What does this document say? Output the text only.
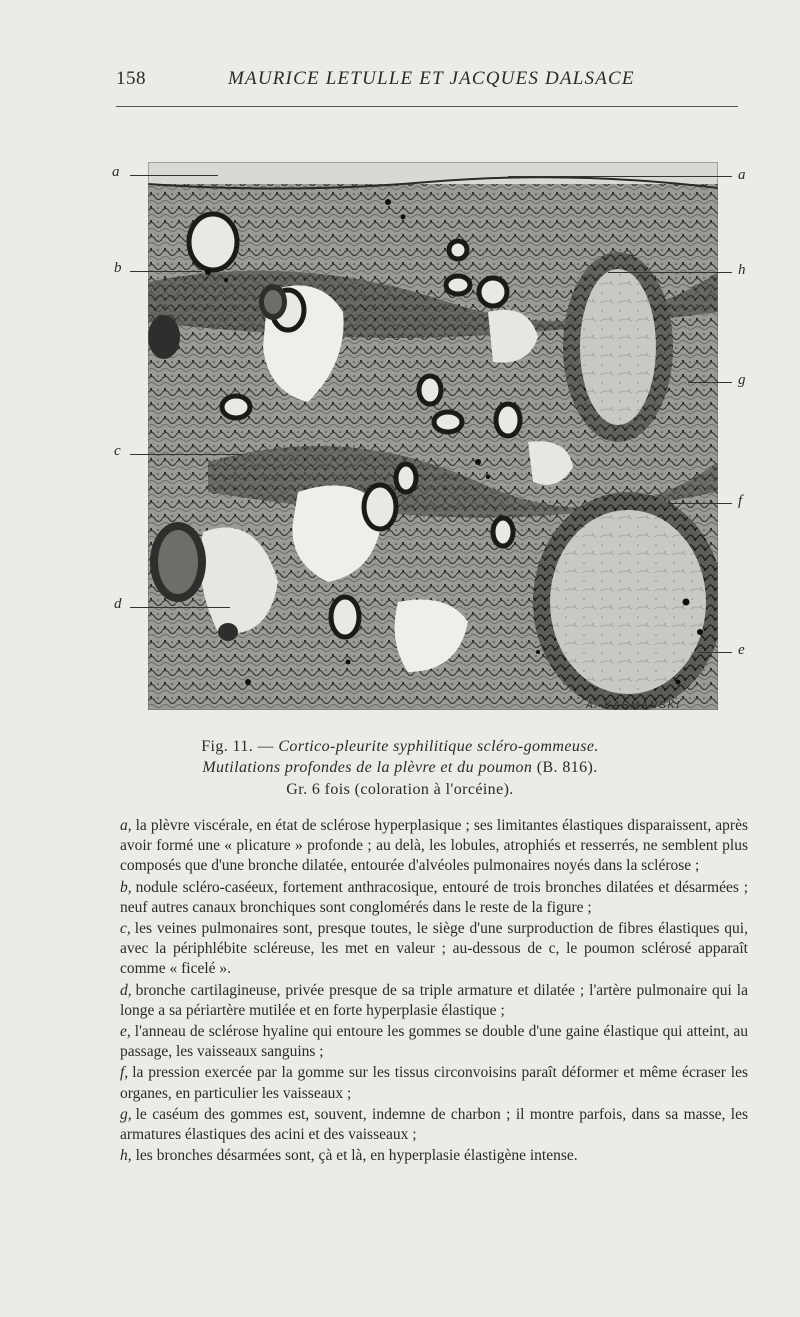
158	MAURICE LETULLE ET JACQUES DALSACE
a
b
c
d
a
h
g
f
e
A. KARMANSKI
Fig. 11. — Cortico-pleurite syphilitique scléro-gommeuse.
Mutilations profondes de la plèvre et du poumon (B. 816).
Gr. 6 fois (coloration à l'orcéine).

a, la plèvre viscérale, en état de sclérose hyperplasique ; ses limitantes élastiques disparaissent, après avoir formé une « plicature » profonde ; au delà, les lobules, atrophiés et resserrés, ne semblent plus composés que d'une bronche dilatée, entourée d'alvéoles pulmonaires noyés dans la sclérose ;

b, nodule scléro-caséeux, fortement anthracosique, entouré de trois bronches dilatées et désarmées ; neuf autres canaux bronchiques sont conglomérés dans le reste de la figure ;

c, les veines pulmonaires sont, presque toutes, le siège d'une surproduction de fibres élastiques qui, avec la périphlébite scléreuse, les met en valeur ; au-dessous de c, le poumon sclérosé apparaît comme « ficelé ».

d, bronche cartilagineuse, privée presque de sa triple armature et dilatée ; l'artère pulmonaire qui la longe a sa périartère mutilée et en forte hyperplasie élastique ;

e, l'anneau de sclérose hyaline qui entoure les gommes se double d'une gaine élastique qui atteint, au passage, les vaisseaux sanguins ;

f, la pression exercée par la gomme sur les tissus circonvoisins paraît déformer et même écraser les organes, en particulier les vaisseaux ;

g, le caséum des gommes est, souvent, indemne de charbon ; il montre parfois, dans sa masse, les armatures élastiques des acini et des vaisseaux ;

h, les bronches désarmées sont, çà et là, en hyperplasie élastigène intense.
